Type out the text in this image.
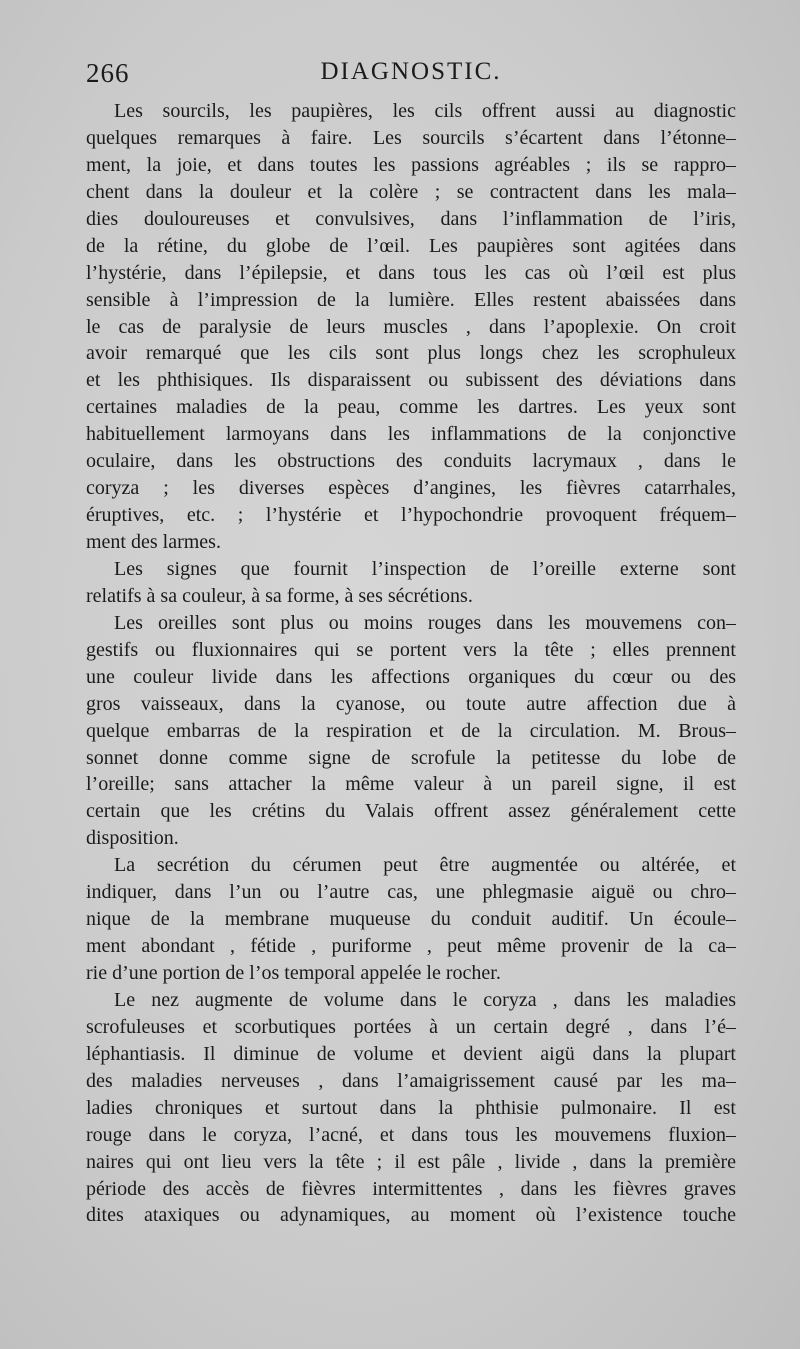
266	DIAGNOSTIC.
Les sourcils, les paupières, les cils offrent aussi au diagnostic
quelques remarques à faire. Les sourcils s’écartent dans l’étonne–
ment, la joie, et dans toutes les passions agréables ; ils se rappro–
chent dans la douleur et la colère ; se contractent dans les mala–
dies douloureuses et convulsives, dans l’inflammation de l’iris,
de la rétine, du globe de l’œil. Les paupières sont agitées dans
l’hystérie, dans l’épilepsie, et dans tous les cas où l’œil est plus
sensible à l’impression de la lumière. Elles restent abaissées dans
le cas de paralysie de leurs muscles , dans l’apoplexie. On croit
avoir remarqué que les cils sont plus longs chez les scrophuleux
et les phthisiques. Ils disparaissent ou subissent des déviations dans
certaines maladies de la peau, comme les dartres. Les yeux sont
habituellement larmoyans dans les inflammations de la conjonctive
oculaire, dans les obstructions des conduits lacrymaux , dans le
coryza ; les diverses espèces d’angines, les fièvres catarrhales,
éruptives, etc. ; l’hystérie et l’hypochondrie provoquent fréquem–
ment des larmes.
Les signes que fournit l’inspection de l’oreille externe sont
relatifs à sa couleur, à sa forme, à ses sécrétions.
Les oreilles sont plus ou moins rouges dans les mouvemens con–
gestifs ou fluxionnaires qui se portent vers la tête ; elles prennent
une couleur livide dans les affections organiques du cœur ou des
gros vaisseaux, dans la cyanose, ou toute autre affection due à
quelque embarras de la respiration et de la circulation. M. Brous–
sonnet donne comme signe de scrofule la petitesse du lobe de
l’oreille; sans attacher la même valeur à un pareil signe, il est
certain que les crétins du Valais offrent assez généralement cette
disposition.
La secrétion du cérumen peut être augmentée ou altérée, et
indiquer, dans l’un ou l’autre cas, une phlegmasie aiguë ou chro–
nique de la membrane muqueuse du conduit auditif. Un écoule–
ment abondant , fétide , puriforme , peut même provenir de la ca–
rie d’une portion de l’os temporal appelée le rocher.
Le nez augmente de volume dans le coryza , dans les maladies
scrofuleuses et scorbutiques portées à un certain degré , dans l’é–
léphantiasis. Il diminue de volume et devient aigü dans la plupart
des maladies nerveuses , dans l’amaigrissement causé par les ma–
ladies chroniques et surtout dans la phthisie pulmonaire. Il est
rouge dans le coryza, l’acné, et dans tous les mouvemens fluxion–
naires qui ont lieu vers la tête ; il est pâle , livide , dans la première
période des accès de fièvres intermittentes , dans les fièvres graves
dites ataxiques ou adynamiques, au moment où l’existence touche
